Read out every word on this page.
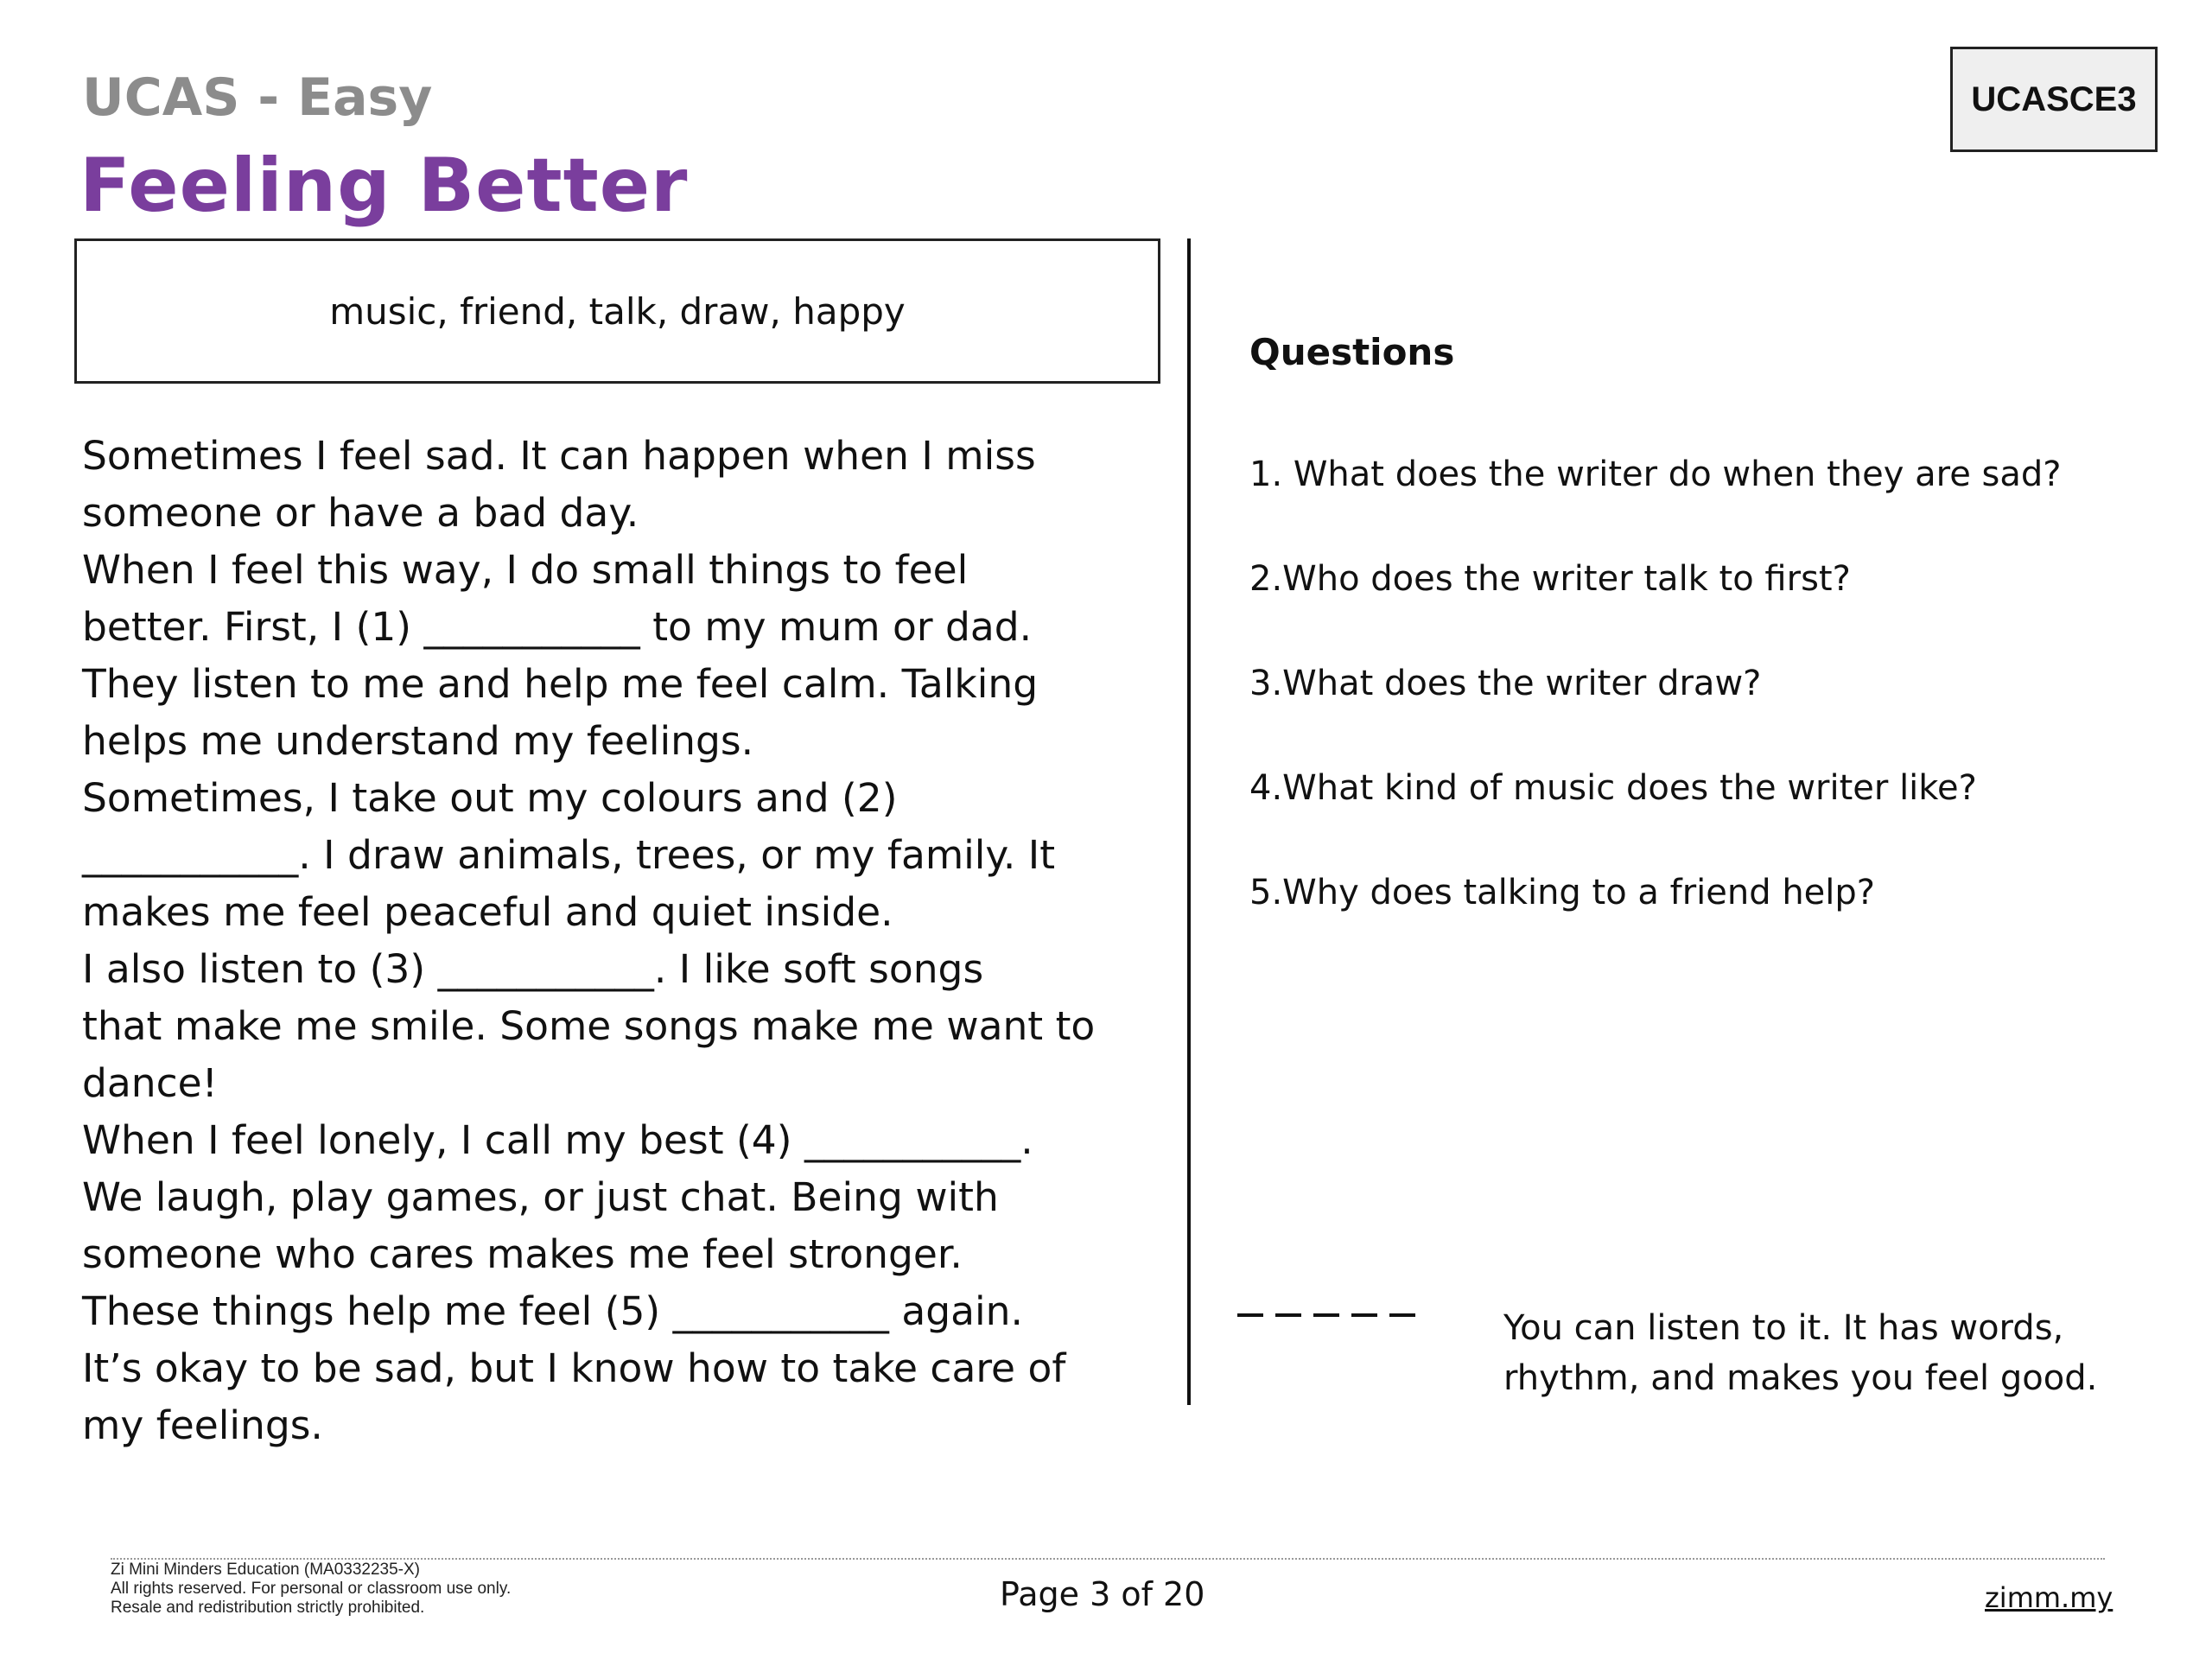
UCAS - Easy
Feeling Better
UCASCE3
music, friend, talk, draw, happy
Sometimes I feel sad. It can happen when I miss
someone or have a bad day.
When I feel this way, I do small things to feel
better. First, I (1) ___________ to my mum or dad.
They listen to me and help me feel calm. Talking
helps me understand my feelings.
Sometimes, I take out my colours and (2)
___________. I draw animals, trees, or my family. It
makes me feel peaceful and quiet inside.
I also listen to (3) ___________. I like soft songs
that make me smile. Some songs make me want to
dance!
When I feel lonely, I call my best (4) ___________.
We laugh, play games, or just chat. Being with
someone who cares makes me feel stronger.
These things help me feel (5) ___________ again.
It’s okay to be sad, but I know how to take care of
my feelings.
Questions
1. What does the writer do when they are sad?
2.Who does the writer talk to first?
3.What does the writer draw?
4.What kind of music does the writer like?
5.Why does talking to a friend help?
You can listen to it. It has words,
rhythm, and makes you feel good.
Zi Mini Minders Education (MA0332235-X)
All rights reserved. For personal or classroom use only.
Resale and redistribution strictly prohibited.	Page 3 of 20	zimm.my
